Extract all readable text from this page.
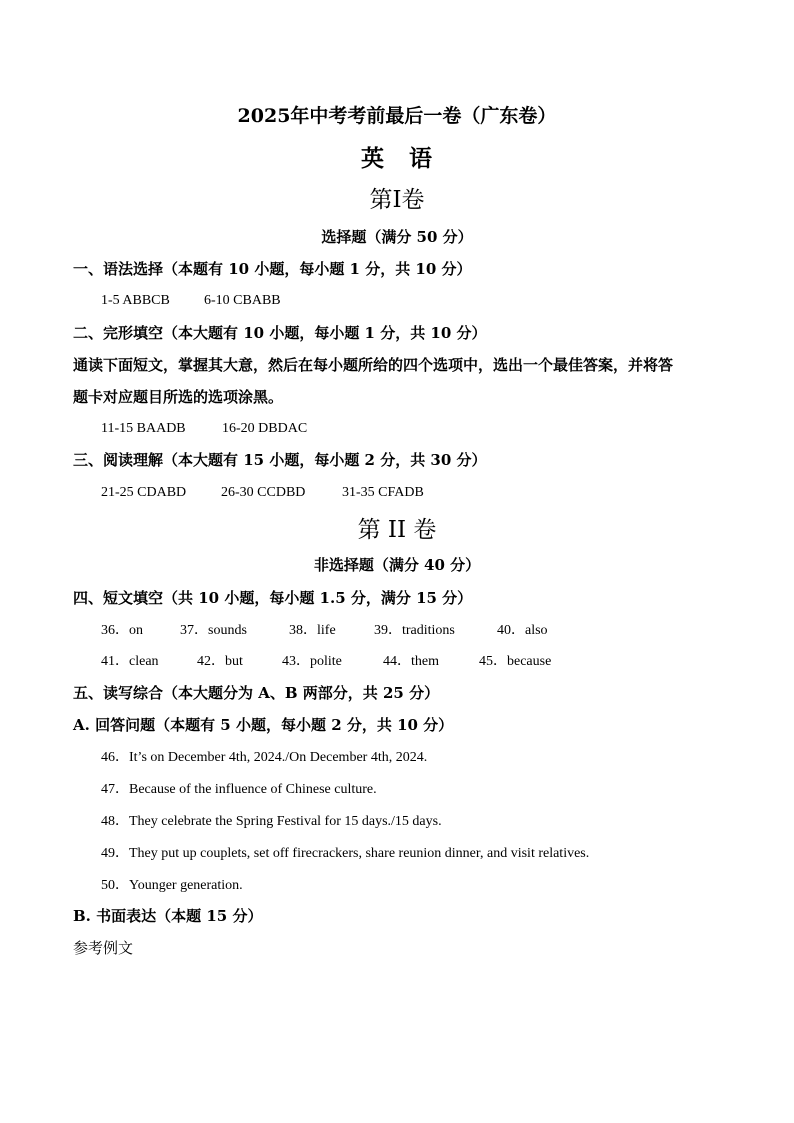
2025年中考考前最后一卷（广东卷）
英　语
第Ⅰ卷
选择题（满分 50 分）
一、语法选择（本题有 10 小题，每小题 1 分，共 10 分）
1-5 ABBCB 6-10 CBABB
二、完形填空（本大题有 10 小题，每小题 1 分，共 10 分）
通读下面短文，掌握其大意，然后在每小题所给的四个选项中，选出一个最佳答案，并将答
题卡对应题目所选的选项涂黑。
11-15 BAADB	16-20 DBDAC
三、阅读理解（本大题有 15 小题，每小题 2 分，共 30 分）
21-25 CDABD 26-30 CCDBD	31-35 CFADB
第 II 卷
非选择题（满分 40 分）
四、短文填空（共 10 小题，每小题 1.5 分，满分 15 分）
36．on	37．sounds	38．life	39．traditions	40．also
41．clean	42．but	43．polite	44．them	45．because
五、读写综合（本大题分为 A、B 两部分，共 25 分）
A. 回答问题（本题有 5 小题，每小题 2 分，共 10 分）
46．It’s on December 4th, 2024./On December 4th, 2024.
47．Because of the influence of Chinese culture.
48．They celebrate the Spring Festival for 15 days./15 days.
49．They put up couplets, set off firecrackers, share reunion dinner, and visit relatives.
50．Younger generation.
B. 书面表达（本题 15 分）
参考例文
